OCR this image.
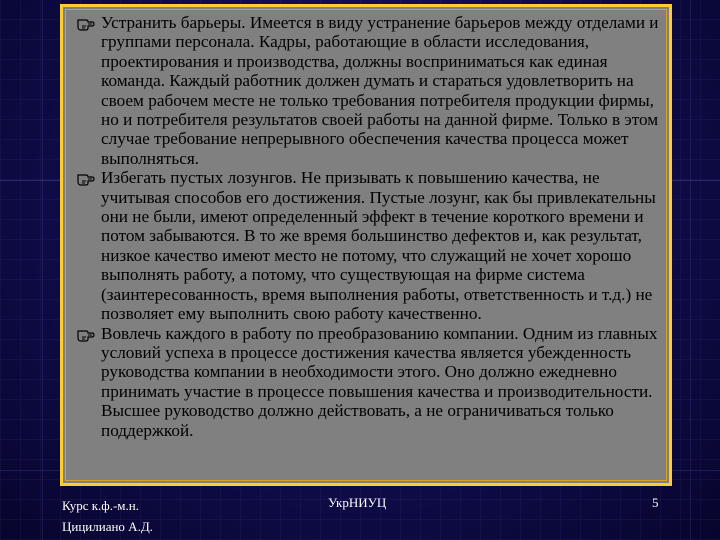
Устранить барьеры. Имеется в виду устранение барьеров между отделами и группами персонала. Кадры, работающие в области исследования, проектирования и производства, должны восприниматься как единая команда. Каждый работник должен думать и стараться удовлетворить на своем рабочем месте не только требования потребителя продукции фирмы, но и потребителя результатов своей работы на данной фирме. Только в этом случае требование непрерывного обеспечения качества процесса может выполняться.

Избегать пустых лозунгов. Не призывать к повышению качества, не учитывая способов его достижения. Пустые лозунг, как бы привлекательны они не были, имеют определенный эффект в течение короткого времени и потом забываются. В то же время большинство дефектов и, как результат, низкое качество имеют место не потому, что служащий не хочет хорошо выполнять работу, а потому, что существующая на фирме система (заинтересованность, время выполнения работы, ответственность и т.д.) не позволяет ему выполнить свою работу качественно.

Вовлечь каждого в работу по преобразованию компании. Одним из главных условий успеха в процессе достижения качества является убежденность руководства компании в необходимости этого. Оно должно ежедневно принимать участие в процессе повышения качества и производительности. Высшее руководство должно действовать, а не ограничиваться только поддержкой.

Курс к.ф.-м.н.
Цицилиано А.Д.
УкрНИУЦ	5
